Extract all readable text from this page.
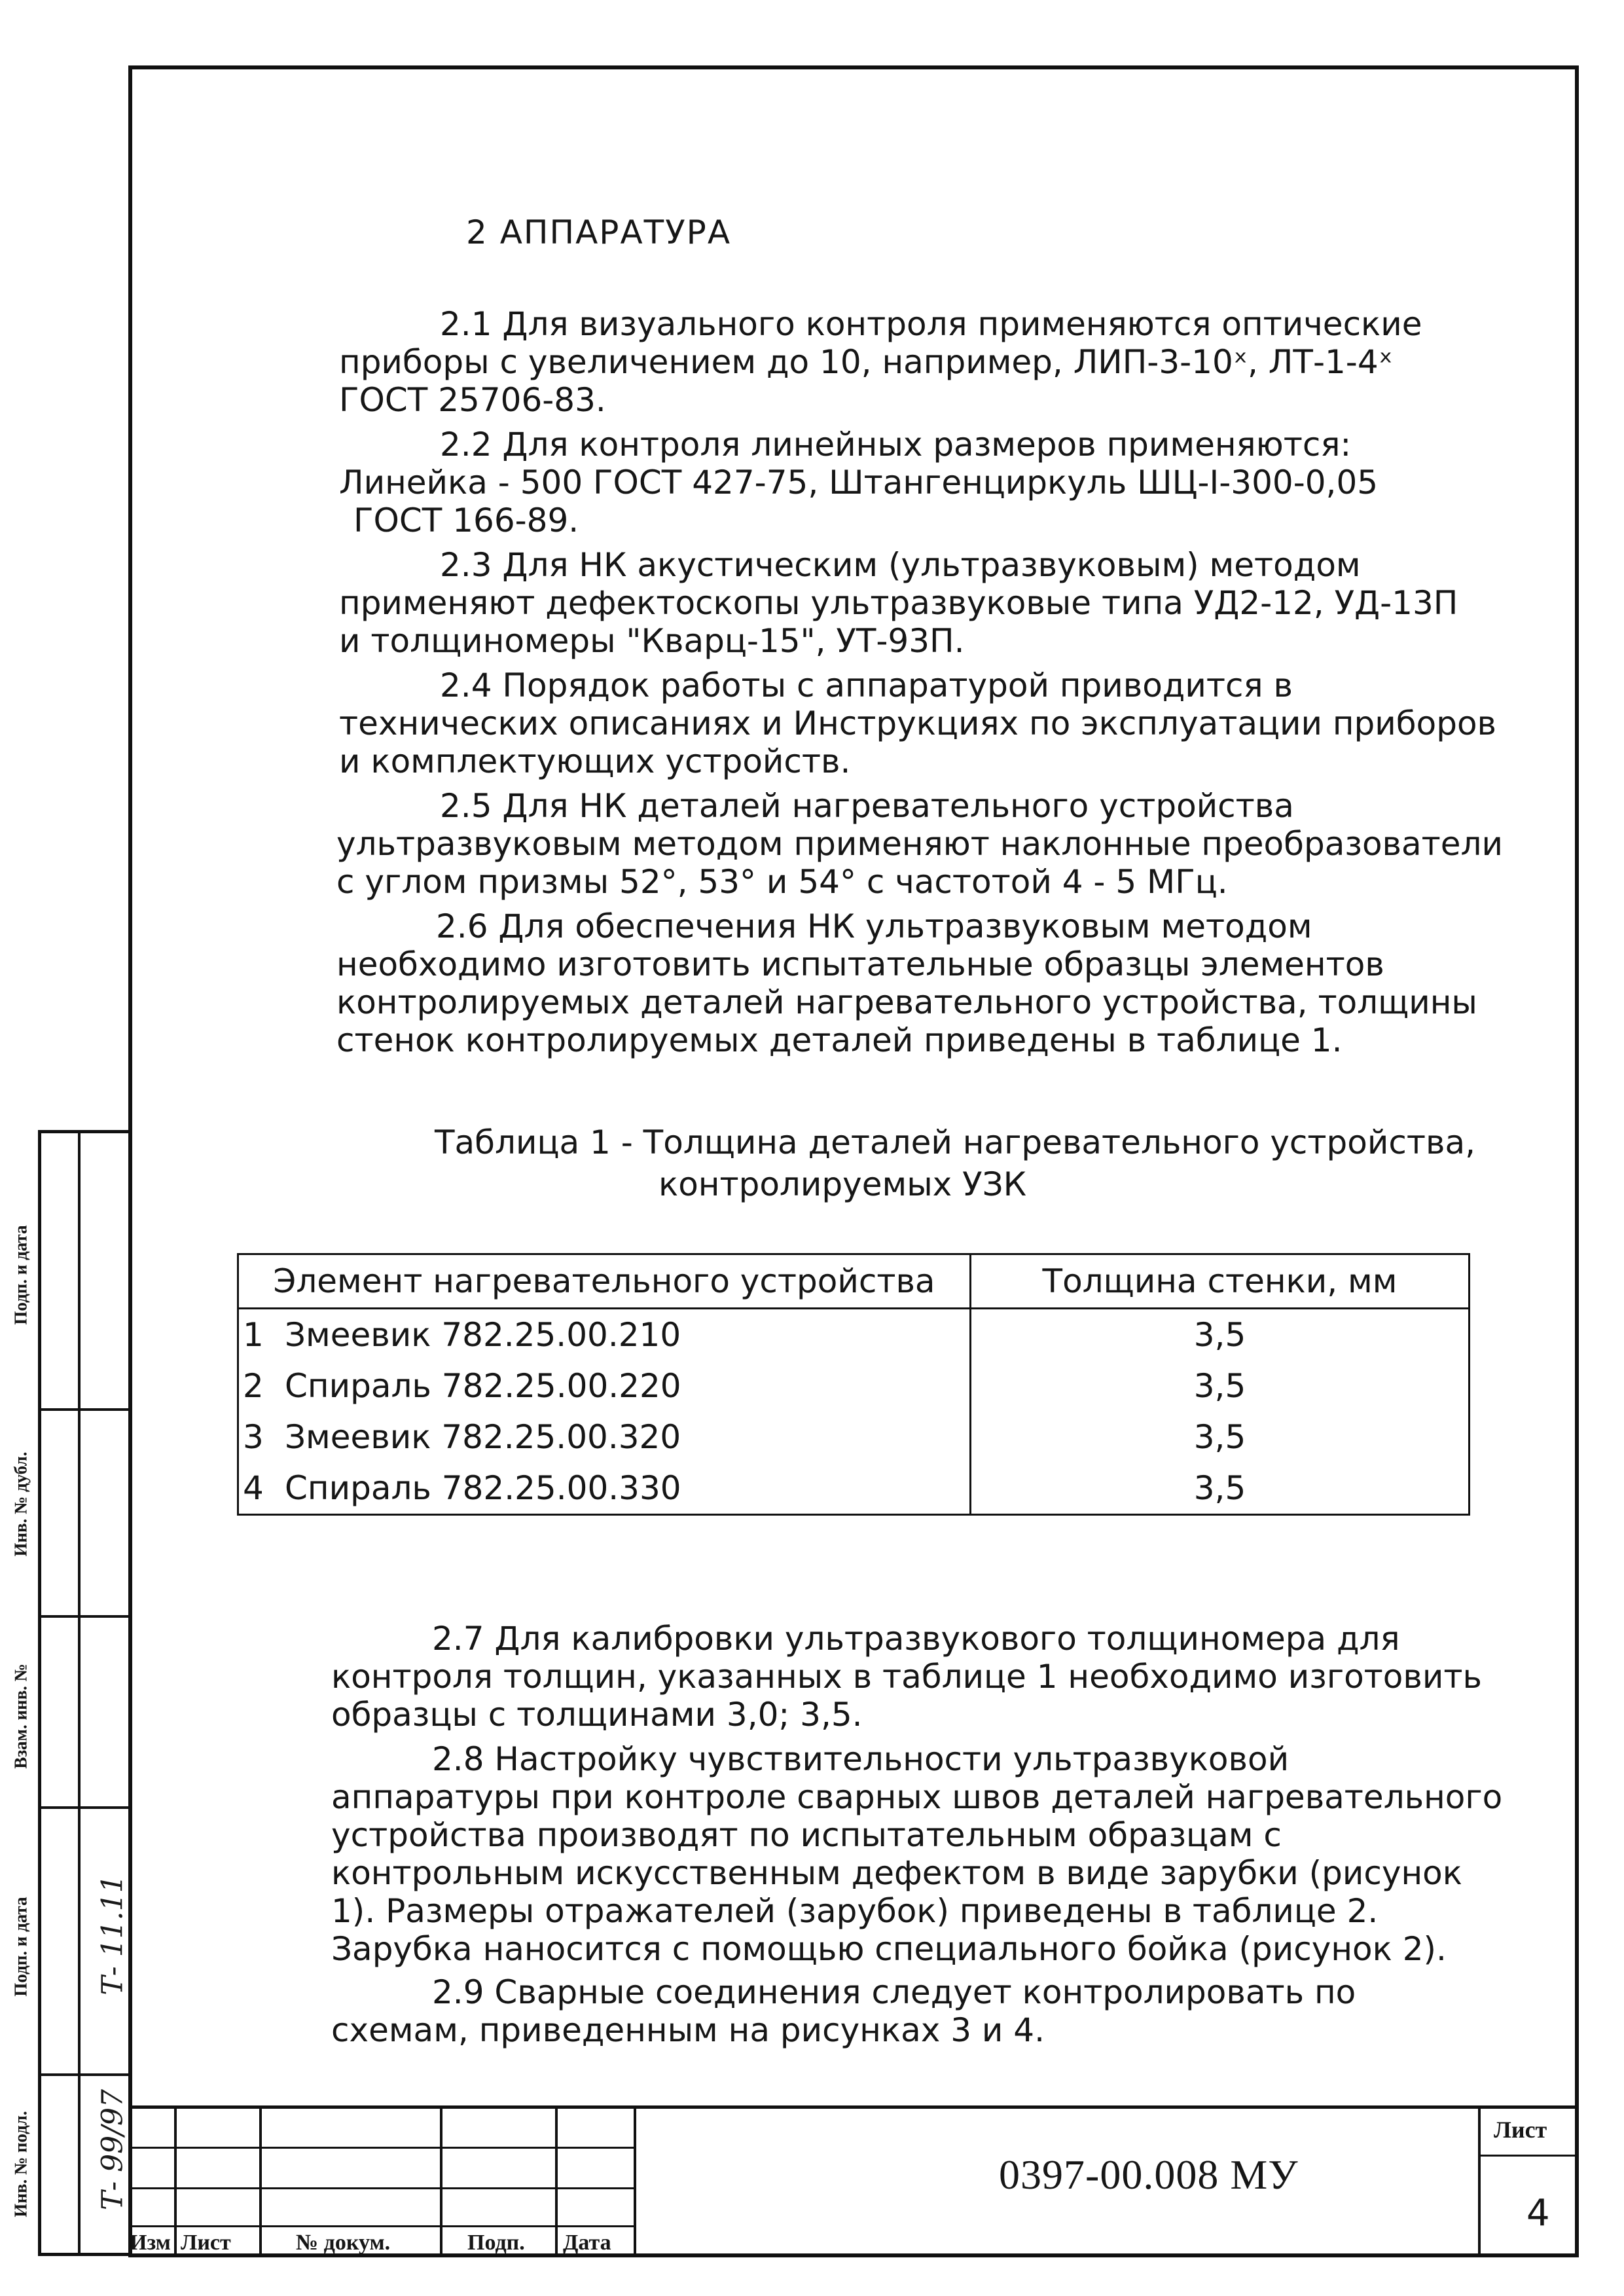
Подп. и дата
Инв. № дубл.
Взам. инв. №
Подп. и дата
Инв. № подл.
Т- 11.11
Т- 99/97
2 АППАРАТУРА
2.1 Для визуального контроля применяются оптические
приборы с увеличением до 10, например, ЛИП-3-10ˣ, ЛТ-1-4ˣ
ГОСТ 25706-83.
2.2 Для контроля линейных размеров применяются:
Линейка - 500 ГОСТ 427-75, Штангенциркуль ШЦ-I-300-0,05
ГОСТ 166-89.
2.3 Для НК акустическим (ультразвуковым) методом
применяют дефектоскопы ультразвуковые типа УД2-12, УД-13П
и толщиномеры "Кварц-15", УТ-93П.
2.4 Порядок работы с аппаратурой приводится в
технических описаниях и Инструкциях по эксплуатации приборов
и комплектующих устройств.
2.5 Для НК деталей нагревательного устройства
ультразвуковым методом применяют наклонные преобразователи
с углом призмы 52°, 53° и 54° с частотой 4 - 5 МГц.
2.6 Для обеспечения НК ультразвуковым методом
необходимо изготовить испытательные образцы элементов
контролируемых деталей нагревательного устройства, толщины
стенок контролируемых деталей приведены в таблице 1.
Таблица 1 - Толщина деталей нагревательного устройства,
контролируемых УЗК
Элемент нагревательного устройства	Толщина стенки, мм
1 Змеевик 782.25.00.210	3,5
2 Спираль 782.25.00.220	3,5
3 Змеевик 782.25.00.320	3,5
4 Спираль 782.25.00.330	3,5
2.7 Для калибровки ультразвукового толщиномера для
контроля толщин, указанных в таблице 1 необходимо изготовить
образцы с толщинами 3,0; 3,5.
2.8 Настройку чувствительности ультразвуковой
аппаратуры при контроле сварных швов деталей нагревательного
устройства производят по испытательным образцам с
контрольным искусственным дефектом в виде зарубки (рисунок
1). Размеры отражателей (зарубок) приведены в таблице 2.
Зарубка наносится с помощью специального бойка (рисунок 2).
2.9 Сварные соединения следует контролировать по
схемам, приведенным на рисунках 3 и 4.
Изм Лист	№ докум.	Подп. Дата
0397-00.008 МУ
Лист
4
